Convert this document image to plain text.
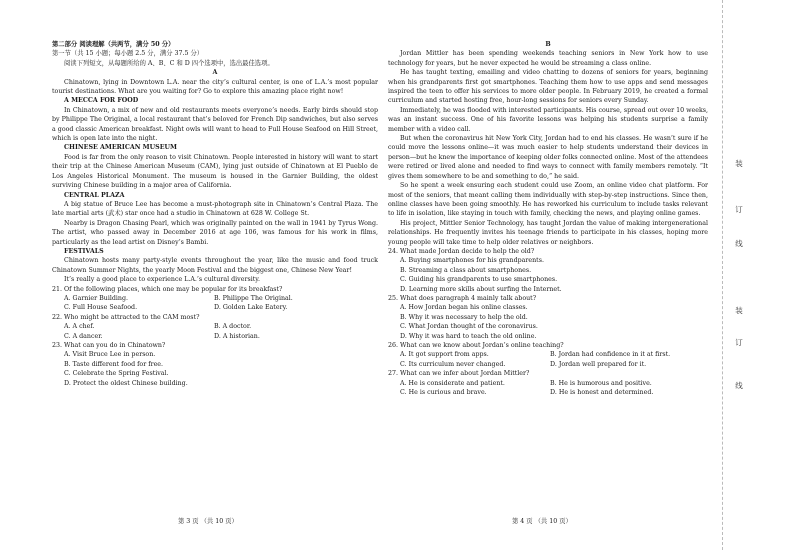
第二部分 阅读理解（共两节，满分 50 分）

第一节（共 15 小题；每小题 2.5 分，满分 37.5 分）

阅读下列短文，从每题所给的 A、B、C 和 D 四个选项中，选出最佳选项。

A

Chinatown, lying in Downtown L.A. near the city’s cultural center, is one of L.A.’s most popular tourist destinations. What are you waiting for? Go to explore this amazing place right now!

A MECCA FOR FOOD

In Chinatown, a mix of new and old restaurants meets everyone’s needs. Early birds should stop by Philippe The Original, a local restaurant that’s beloved for French Dip sandwiches, but also serves a good classic American breakfast. Night owls will want to head to Full House Seafood on Hill Street, which is open late into the night.

CHINESE AMERICAN MUSEUM

Food is far from the only reason to visit Chinatown. People interested in history will want to start their trip at the Chinese American Museum (CAM), lying just outside of Chinatown at El Pueblo de Los Angeles Historical Monument. The museum is housed in the Garnier Building, the oldest surviving Chinese building in a major area of California.

CENTRAL PLAZA

A big statue of Bruce Lee has become a must-photograph site in Chinatown’s Central Plaza. The late martial arts (武术) star once had a studio in Chinatown at 628 W. College St.

Nearby is Dragon Chasing Pearl, which was originally painted on the wall in 1941 by Tyrus Wong. The artist, who passed away in December 2016 at age 106, was famous for his work in films, particularly as the lead artist on Disney’s Bambi.

FESTIVALS

Chinatown hosts many party-style events throughout the year, like the music and food truck Chinatown Summer Nights, the yearly Moon Festival and the biggest one, Chinese New Year!

It’s really a good place to experience L.A.’s cultural diversity.

21. Of the following places, which one may be popular for its breakfast?

A. Garnier Building.	B. Philippe The Original.
C. Full House Seafood.	D. Golden Lake Eatery.

22. Who might be attracted to the CAM most?

A. A chef.	B. A doctor.
C. A dancer.	D. A historian.

23. What can you do in Chinatown?

A. Visit Bruce Lee in person.

B. Taste different food for free.

C. Celebrate the Spring Festival.

D. Protect the oldest Chinese building.

第 3 页 （共 10 页）

B

Jordan Mittler has been spending weekends teaching seniors in New York how to use technology for years, but he never expected he would be streaming a class online.

He has taught texting, emailing and video chatting to dozens of seniors for years, beginning when his grandparents first got smartphones. Teaching them how to use apps and send messages inspired the teen to offer his services to more older people. In February 2019, he created a formal curriculum and started hosting free, hour-long sessions for seniors every Sunday.

Immediately, he was flooded with interested participants. His course, spread out over 10 weeks, was an instant success. One of his favorite lessons was helping his students surprise a family member with a video call.

But when the coronavirus hit New York City, Jordan had to end his classes. He wasn’t sure if he could move the lessons online—it was much easier to help students understand their devices in person—but he knew the importance of keeping older folks connected online. Most of the attendees were retired or lived alone and needed to find ways to connect with family members remotely. “It gives them somewhere to be and something to do,” he said.

So he spent a week ensuring each student could use Zoom, an online video chat platform. For most of the seniors, that meant calling them individually with step-by-step instructions. Since then, online classes have been going smoothly. He has reworked his curriculum to include tasks relevant to life in isolation, like staying in touch with family, checking the news, and playing online games.

His project, Mittler Senior Technology, has taught Jordan the value of making intergenerational relationships. He frequently invites his teenage friends to participate in his classes, hoping more young people will take time to help older relatives or neighbors.

24. What made Jordan decide to help the old?

A. Buying smartphones for his grandparents.

B. Streaming a class about smartphones.

C. Guiding his grandparents to use smartphones.

D. Learning more skills about surfing the Internet.

25. What does paragraph 4 mainly talk about?

A. How Jordan began his online classes.

B. Why it was necessary to help the old.

C. What Jordan thought of the coronavirus.

D. Why it was hard to teach the old online.

26. What can we know about Jordan’s online teaching?

A. It got support from apps.	B. Jordan had confidence in it at first.
C. Its curriculum never changed.	D. Jordan well prepared for it.

27. What can we infer about Jordan Mittler?

A. He is considerate and patient.	B. He is humorous and positive.
C. He is curious and brave.	D. He is honest and determined.
第 4 页 （共 10 页）
装
订
线
装
订
线
